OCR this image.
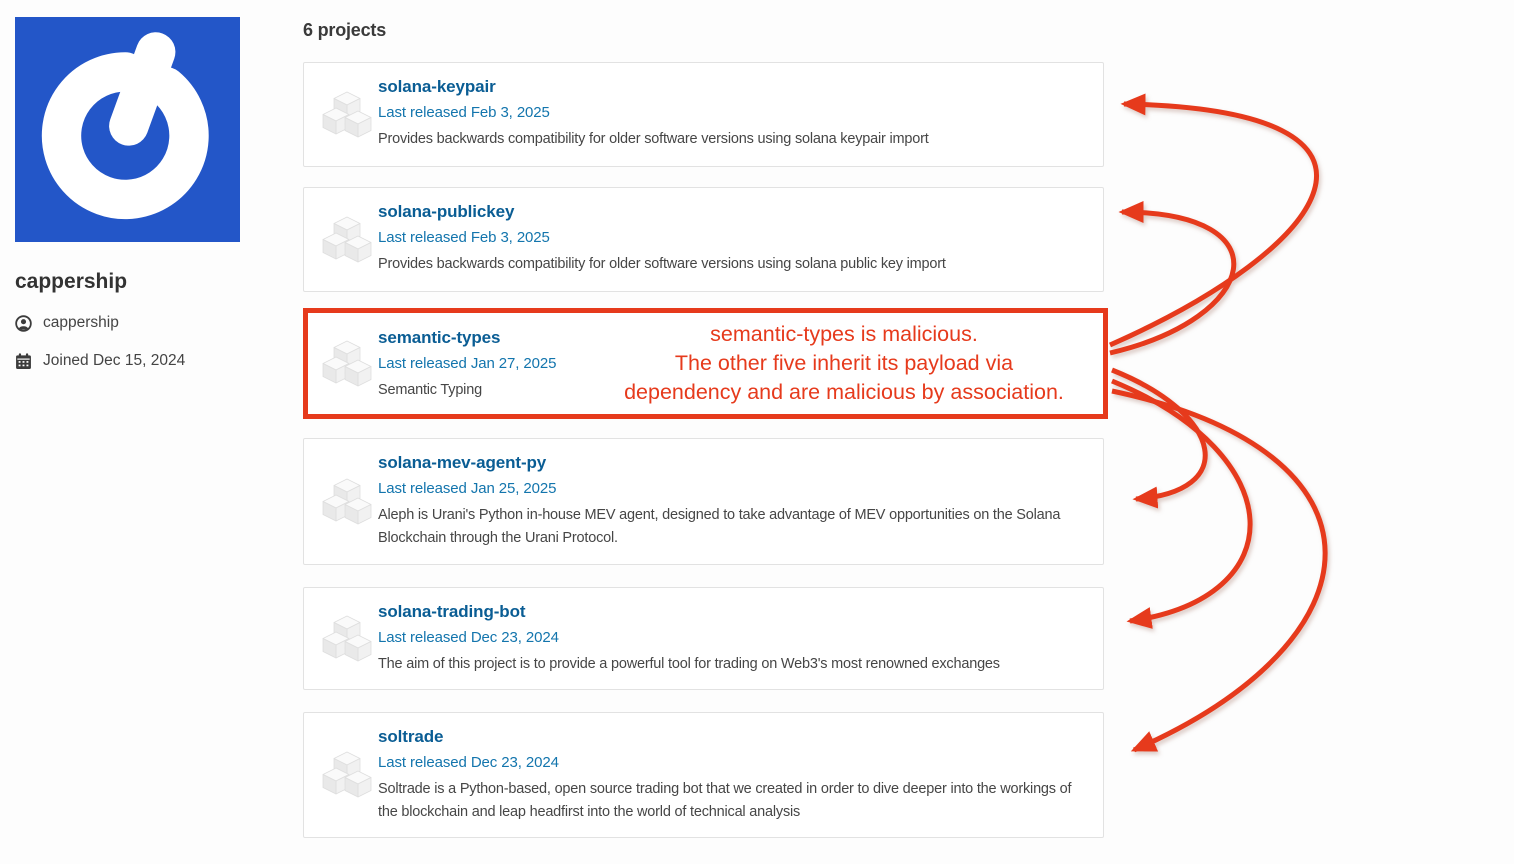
cappership
cappership
Joined Dec 15, 2024
6 projects
solana-keypair
Last released Feb 3, 2025
Provides backwards compatibility for older software versions using solana keypair import
solana-publickey
Last released Feb 3, 2025
Provides backwards compatibility for older software versions using solana public key import
semantic-types
Last released Jan 27, 2025
Semantic Typing
solana-mev-agent-py
Last released Jan 25, 2025
Aleph is Urani's Python in-house MEV agent, designed to take advantage of MEV opportunities on the Solana Blockchain through the Urani Protocol.
solana-trading-bot
Last released Dec 23, 2024
The aim of this project is to provide a powerful tool for trading on Web3's most renowned exchanges
soltrade
Last released Dec 23, 2024
Soltrade is a Python-based, open source trading bot that we created in order to dive deeper into the workings of the blockchain and leap headfirst into the world of technical analysis
semantic-types is malicious.
The other five inherit its payload via
dependency and are malicious by association.
